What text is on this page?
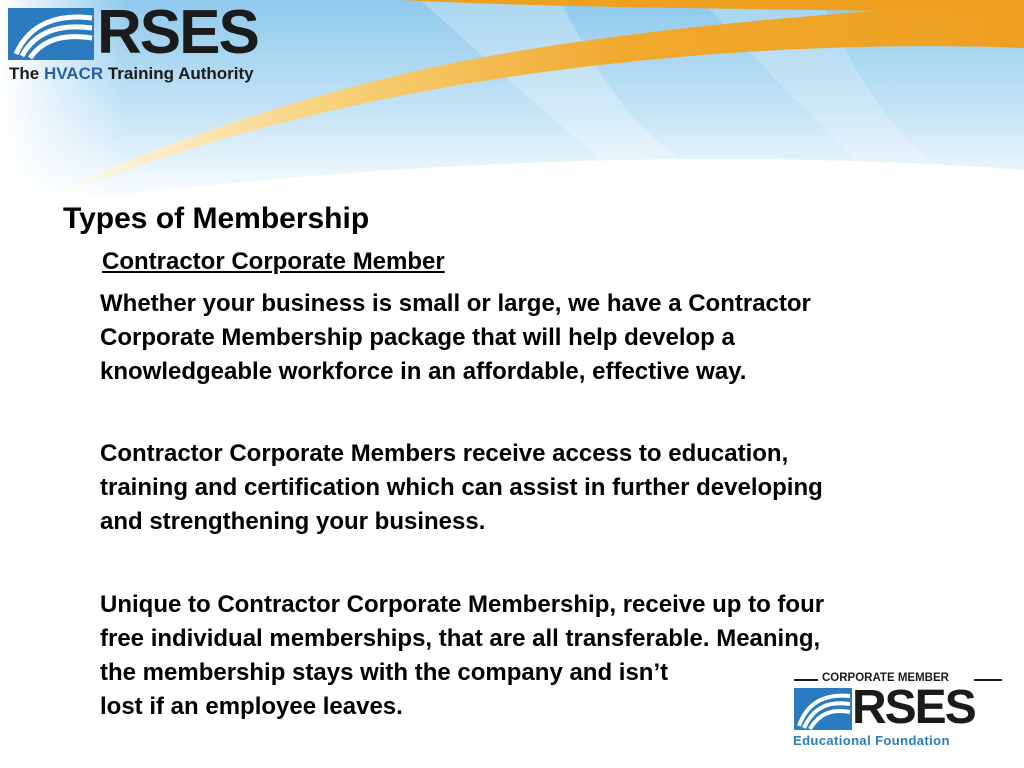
RSES
The HVACR Training Authority
Types of Membership
Contractor Corporate Member

Whether your business is small or large, we have a Contractor
Corporate Membership package that will help develop a
knowledgeable workforce in an affordable, effective way.

Contractor Corporate Members receive access to education,
training and certification which can assist in further developing
and strengthening your business.

Unique to Contractor Corporate Membership, receive up to four
free individual memberships, that are all transferable. Meaning,
the membership stays with the company and isn’t
lost if an employee leaves.

CORPORATE MEMBER
RSES
Educational Foundation
